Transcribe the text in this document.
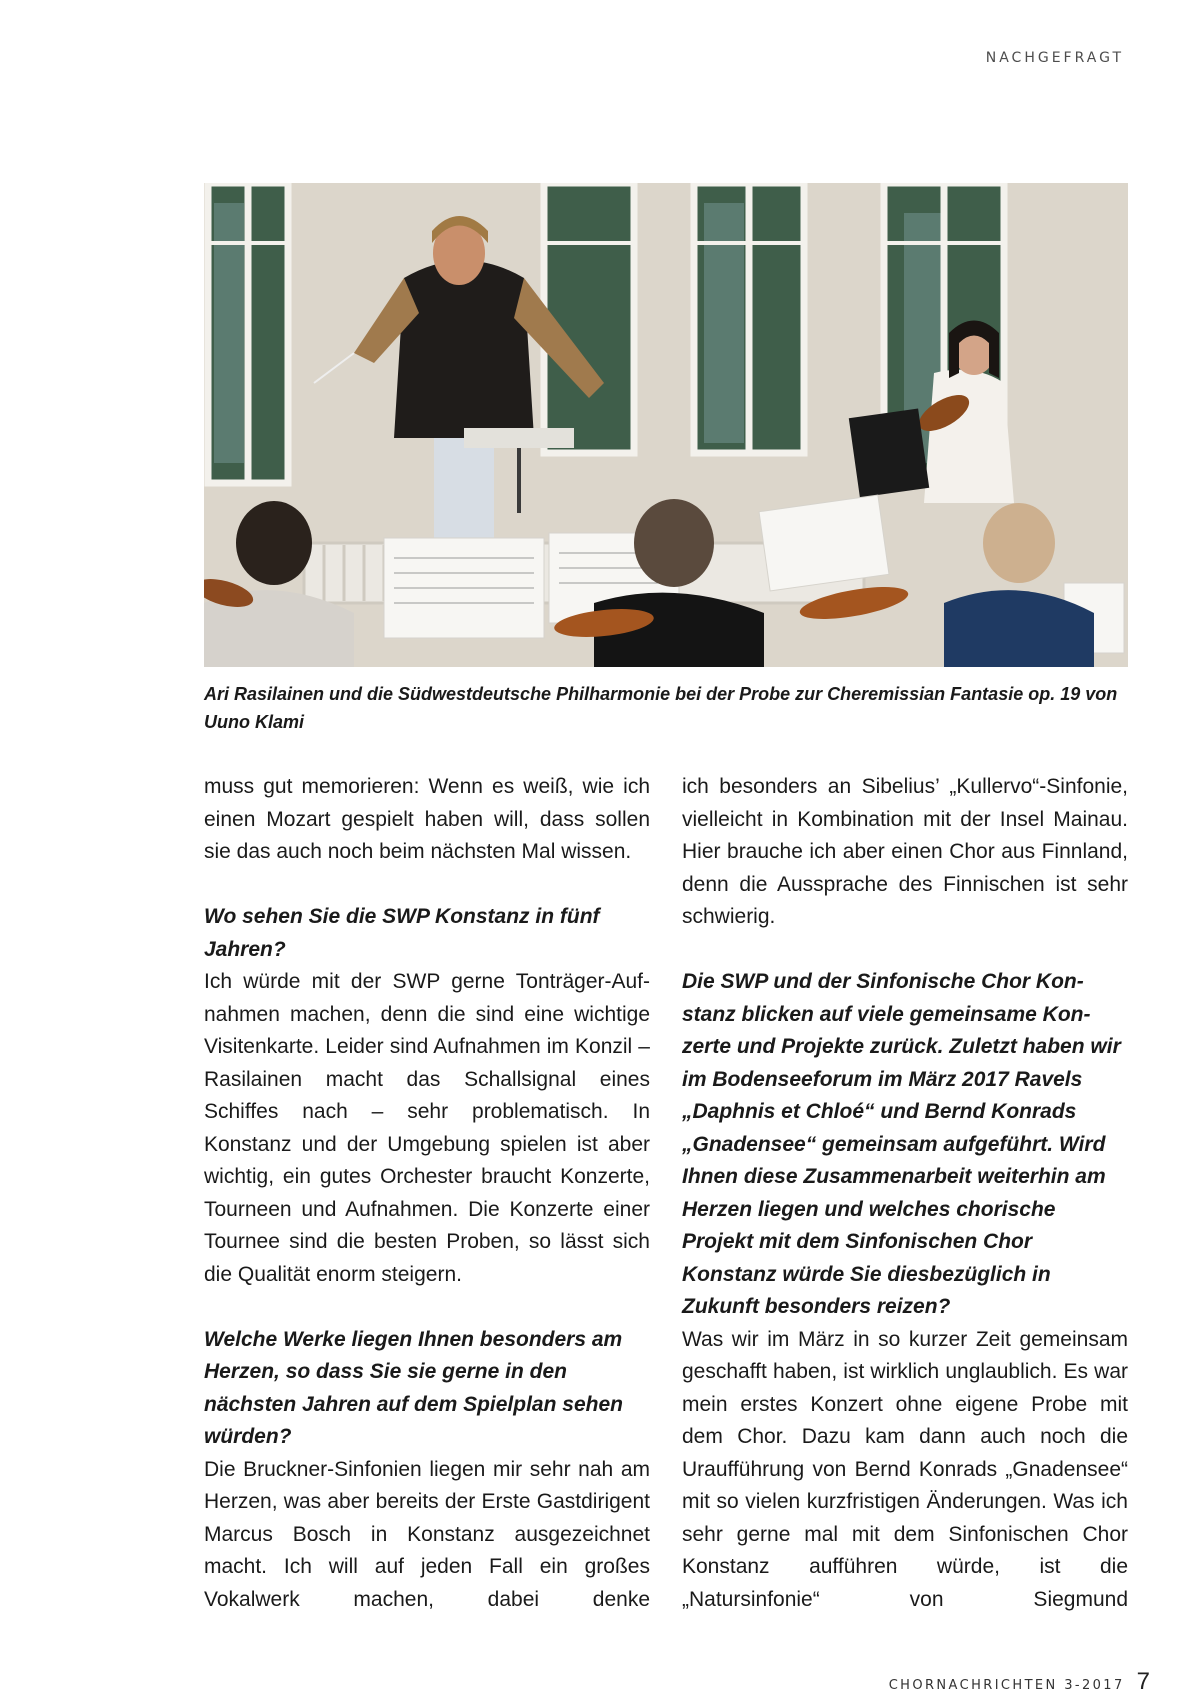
NACHGEFRAGT
Ari Rasilainen und die Südwestdeutsche Philharmonie bei der Probe zur Cheremissian Fantasie op. 19 von Uuno Klami

muss gut memorieren: Wenn es weiß, wie ich einen Mozart gespielt haben will, dass sollen sie das auch noch beim nächsten Mal wissen.

Wo sehen Sie die SWP Konstanz in fünf Jahren?

Ich würde mit der SWP gerne Tonträger-Aufnahmen machen, denn die sind eine wichtige Visitenkarte. Leider sind Aufnahmen im Konzil – Rasilainen macht das Schallsignal eines Schiffes nach – sehr problematisch. In Konstanz und der Umgebung spielen ist aber wichtig, ein gutes Orchester braucht Konzerte, Tourneen und Aufnahmen. Die Konzerte einer Tournee sind die besten Proben, so lässt sich die Qualität enorm steigern.

Welche Werke liegen Ihnen besonders am Herzen, so dass Sie sie gerne in den nächsten Jahren auf dem Spielplan sehen würden?

Die Bruckner-Sinfonien liegen mir sehr nah am Herzen, was aber bereits der Erste Gastdirigent Marcus Bosch in Konstanz ausgezeichnet macht. Ich will auf jeden Fall ein großes Vokalwerk machen, dabei denke

ich besonders an Sibelius’ „Kullervo“-Sinfonie, vielleicht in Kombination mit der Insel Mainau. Hier brauche ich aber einen Chor aus Finnland, denn die Aussprache des Finnischen ist sehr schwierig.

Die SWP und der Sinfonische Chor Konstanz blicken auf viele gemeinsame Konzerte und Projekte zurück. Zuletzt haben wir im Bodenseeforum im März 2017 Ravels „Daphnis et Chloé“ und Bernd Konrads „Gnadensee“ gemeinsam aufgeführt. Wird Ihnen diese Zusammenarbeit weiterhin am Herzen liegen und welches chorische Projekt mit dem Sinfonischen Chor Konstanz würde Sie diesbezüglich in Zukunft besonders reizen?

Was wir im März in so kurzer Zeit gemeinsam geschafft haben, ist wirklich unglaublich. Es war mein erstes Konzert ohne eigene Probe mit dem Chor. Dazu kam dann auch noch die Uraufführung von Bernd Konrads „Gnadensee“ mit so vielen kurzfristigen Änderungen. Was ich sehr gerne mal mit dem Sinfonischen Chor Konstanz aufführen würde, ist die „Natursinfonie“ von Siegmund

CHORNACHRICHTEN 3-2017 7
